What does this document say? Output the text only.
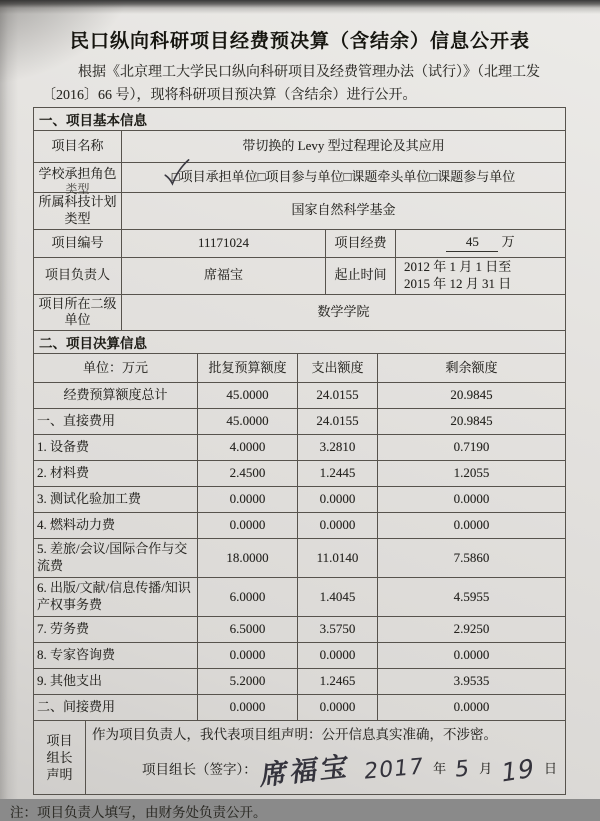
民口纵向科研项目经费预决算（含结余）信息公开表
根据《北京理工大学民口纵向科研项目及经费管理办法（试行）》（北理工发
〔2016〕66 号），现将科研项目预决算（含结余）进行公开。
一、项目基本信息			
项目名称	带切换的 Levy 型过程理论及其应用		

学校承担角色
类型	□项目承担单位□项目参与单位□课题牵头单位□课题参与单位		

所属科技计划
类型	国家自然科学基金		
项目编号	11171024	项目经费	45 万
项目负责人	席福宝	起止时间	2012 年 1 月 1 日至
2015 年 12 月 31 日

项目所在二级
单位	数学学院		
二、项目决算信息			
单位：万元	批复预算额度	支出额度	剩余额度
经费预算额度总计	45.0000	24.0155	20.9845
一、直接费用	45.0000	24.0155	20.9845
1. 设备费	4.0000	3.2810	0.7190
2. 材料费	2.4500	1.2445	1.2055
3. 测试化验加工费	0.0000	0.0000	0.0000
4. 燃料动力费	0.0000	0.0000	0.0000
5. 差旅/会议/国际合作与交流费	18.0000	11.0140	7.5860
6. 出版/文献/信息传播/知识产权事务费	6.0000	1.4045	4.5955
7. 劳务费	6.5000	3.5750	2.9250
8. 专家咨询费	0.0000	0.0000	0.0000
9. 其他支出	5.2000	1.2465	3.9535
二、间接费用	0.0000	0.0000	0.0000
项目
组长
声明

作为项目负责人，我代表项目组声明：公开信息真实准确，不涉密。
项目组长（签字）： 席福宝 2017 年 5 月 19 日
注：项目负责人填写，由财务处负责公开。
